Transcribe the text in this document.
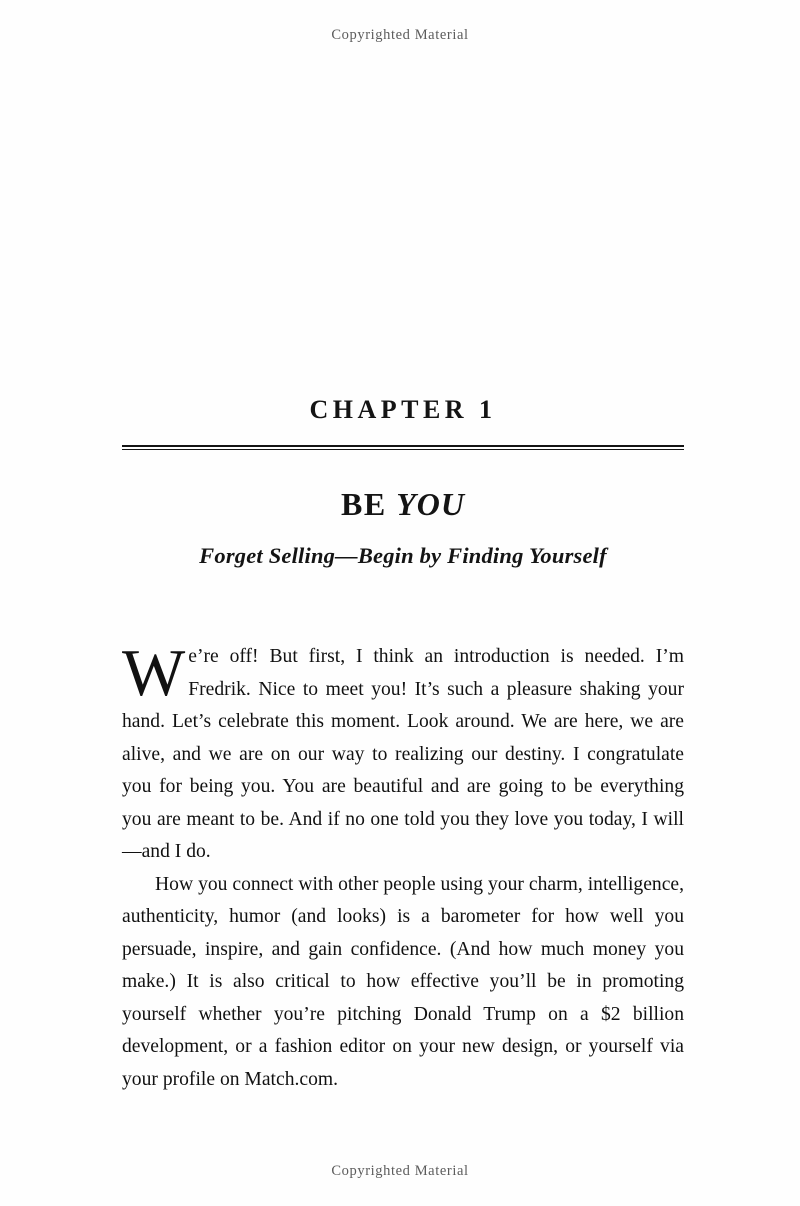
Copyrighted Material
CHAPTER 1
BE YOU
Forget Selling—Begin by Finding Yourself

We’re off! But first, I think an introduction is needed. I’m Fredrik. Nice to meet you! It’s such a pleasure shaking your hand. Let’s celebrate this moment. Look around. We are here, we are alive, and we are on our way to realizing our destiny. I congratulate you for being you. You are beautiful and are going to be everything you are meant to be. And if no one told you they love you today, I will—and I do.

How you connect with other people using your charm, intelligence, authenticity, humor (and looks) is a barometer for how well you persuade, inspire, and gain confidence. (And how much money you make.) It is also critical to how effective you’ll be in promoting yourself whether you’re pitching Donald Trump on a $2 billion development, or a fashion editor on your new design, or yourself via your profile on Match.com.

Copyrighted Material
